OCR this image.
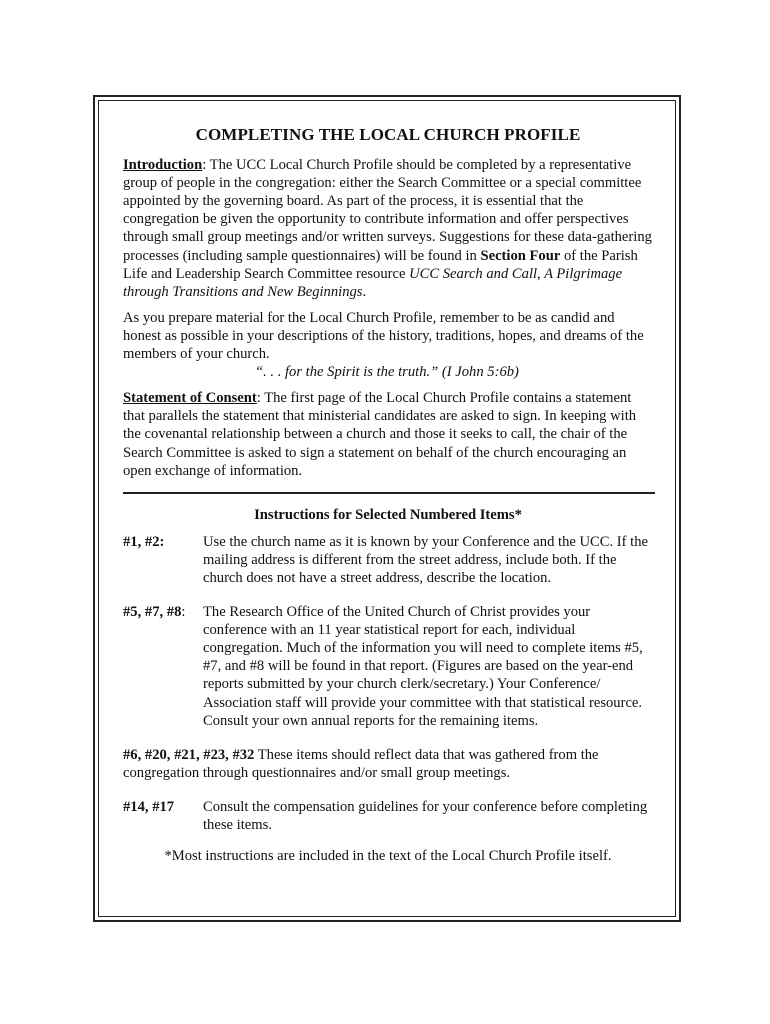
COMPLETING THE LOCAL CHURCH PROFILE

Introduction: The UCC Local Church Profile should be completed by a representative group of people in the congregation: either the Search Committee or a special committee appointed by the governing board. As part of the process, it is essential that the congregation be given the opportunity to contribute information and offer perspectives through small group meetings and/or written surveys. Suggestions for these data-gathering processes (including sample questionnaires) will be found in Section Four of the Parish Life and Leadership Search Committee resource UCC Search and Call, A Pilgrimage through Transitions and New Beginnings.

As you prepare material for the Local Church Profile, remember to be as candid and honest as possible in your descriptions of the history, traditions, hopes, and dreams of the members of your church.

“. . . for the Spirit is the truth.” (I John 5:6b)

Statement of Consent: The first page of the Local Church Profile contains a statement that parallels the statement that ministerial candidates are asked to sign. In keeping with the covenantal relationship between a church and those it seeks to call, the chair of the Search Committee is asked to sign a statement on behalf of the church encouraging an open exchange of information.

Instructions for Selected Numbered Items*
#1, #2:	Use the church name as it is known by your Conference and the UCC. If the mailing address is different from the street address, include both. If the church does not have a street address, describe the location.
#5, #7, #8:	The Research Office of the United Church of Christ provides your conference with an 11 year statistical report for each, individual congregation. Much of the information you will need to complete items #5, #7, and #8 will be found in that report. (Figures are based on the year-end reports submitted by your church clerk/secretary.) Your Conference/ Association staff will provide your committee with that statistical resource. Consult your own annual reports for the remaining items.
#6, #20, #21, #23, #32 These items should reflect data that was gathered from the congregation through questionnaires and/or small group meetings.
#14, #17	Consult the compensation guidelines for your conference before completing these items.

*Most instructions are included in the text of the Local Church Profile itself.
